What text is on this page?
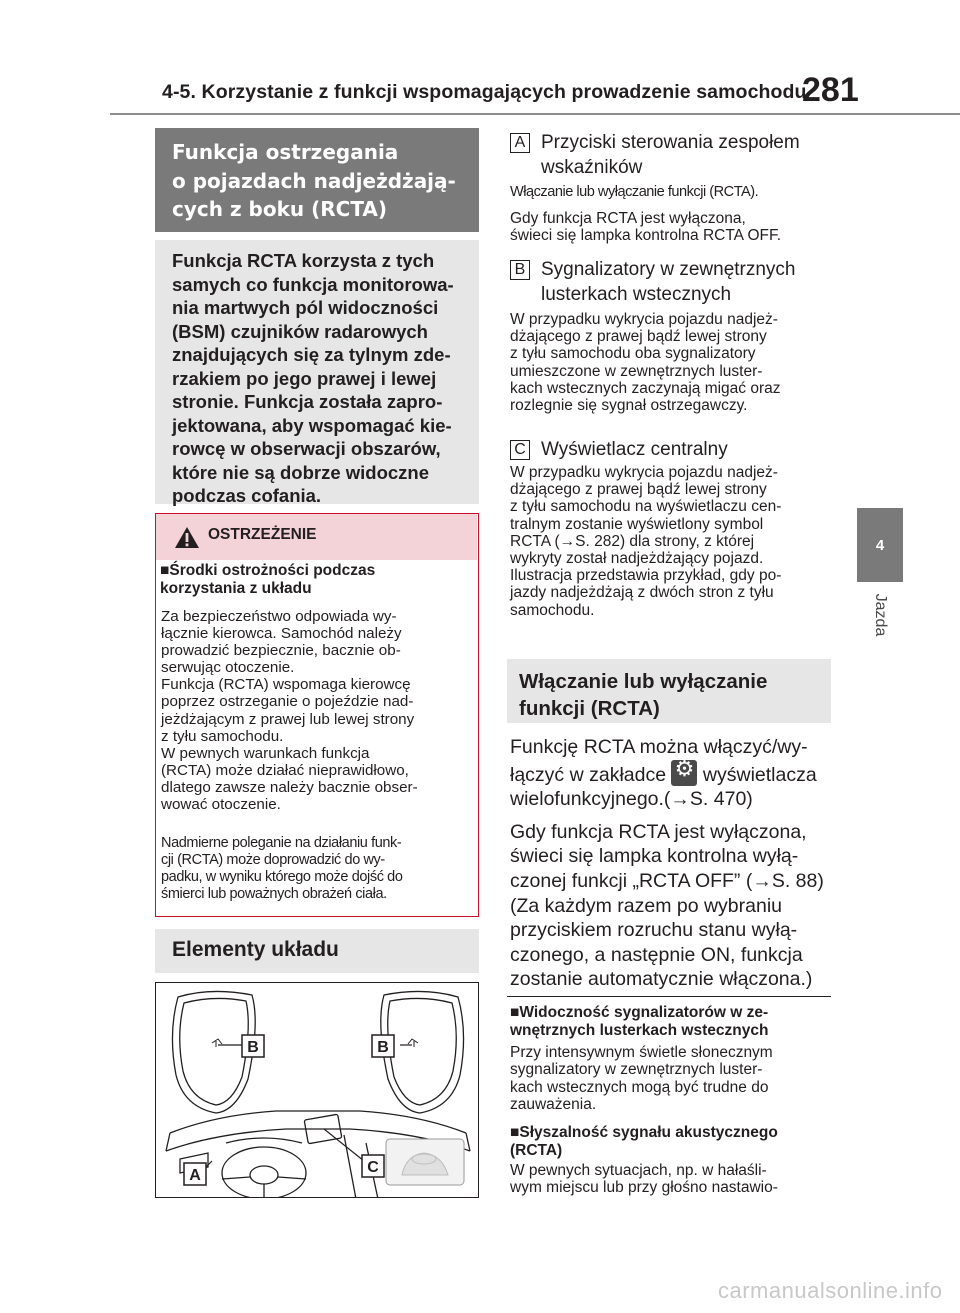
4-5. Korzystanie z funkcji wspomagających prowadzenie samochodu
281
4
Jazda
Funkcja ostrzegania
o pojazdach nadjeżdżają-
cych z boku (RCTA)
Funkcja RCTA korzysta z tych
samych co funkcja monitorowa-
nia martwych pól widoczności
(BSM) czujników radarowych
znajdujących się za tylnym zde-
rzakiem po jego prawej i lewej
stronie. Funkcja została zapro-
jektowana, aby wspomagać kie-
rowcę w obserwacji obszarów,
które nie są dobrze widoczne
podczas cofania.
OSTRZEŻENIE
■Środki ostrożności podczas
korzystania z układu
Za bezpieczeństwo odpowiada wy-
łącznie kierowca. Samochód należy
prowadzić bezpiecznie, bacznie ob-
serwując otoczenie.
Funkcja (RCTA) wspomaga kierowcę
poprzez ostrzeganie o pojeździe nad-
jeżdżającym z prawej lub lewej strony
z tyłu samochodu.
W pewnych warunkach funkcja
(RCTA) może działać nieprawidłowo,
dlatego zawsze należy bacznie obser-
wować otoczenie.
Nadmierne poleganie na działaniu funk-
cji (RCTA) może doprowadzić do wy-
padku, w wyniku którego może dojść do
śmierci lub poważnych obrażeń ciała.
Elementy układu
B	B
A	C
A Przyciski sterowania zespołem
wskaźników
Włączanie lub wyłączanie funkcji (RCTA).
Gdy funkcja RCTA jest wyłączona,
świeci się lampka kontrolna RCTA OFF.
B Sygnalizatory w zewnętrznych
lusterkach wstecznych
W przypadku wykrycia pojazdu nadjeż-
dżającego z prawej bądź lewej strony
z tyłu samochodu oba sygnalizatory
umieszczone w zewnętrznych luster-
kach wstecznych zaczynają migać oraz
rozlegnie się sygnał ostrzegawczy.
C Wyświetlacz centralny
W przypadku wykrycia pojazdu nadjeż-
dżającego z prawej bądź lewej strony
z tyłu samochodu na wyświetlaczu cen-
tralnym zostanie wyświetlony symbol
RCTA (→S. 282) dla strony, z której
wykryty został nadjeżdżający pojazd.
Ilustracja przedstawia przykład, gdy po-
jazdy nadjeżdżają z dwóch stron z tyłu
samochodu.
Włączanie lub wyłączanie
funkcji (RCTA)
Funkcję RCTA można włączyć/wy-
łączyć w zakładce ⚙ wyświetlacza
wielofunkcyjnego.(→S. 470)
Gdy funkcja RCTA jest wyłączona,
świeci się lampka kontrolna wyłą-
czonej funkcji „RCTA OFF” (→S. 88)
(Za każdym razem po wybraniu
przyciskiem rozruchu stanu wyłą-
czonego, a następnie ON, funkcja
zostanie automatycznie włączona.)
■Widoczność sygnalizatorów w ze-
wnętrznych lusterkach wstecznych
Przy intensywnym świetle słonecznym
sygnalizatory w zewnętrznych luster-
kach wstecznych mogą być trudne do
zauważenia.
■Słyszalność sygnału akustycznego
(RCTA)
W pewnych sytuacjach, np. w hałaśli-
wym miejscu lub przy głośno nastawio-
carmanualsonline.info
